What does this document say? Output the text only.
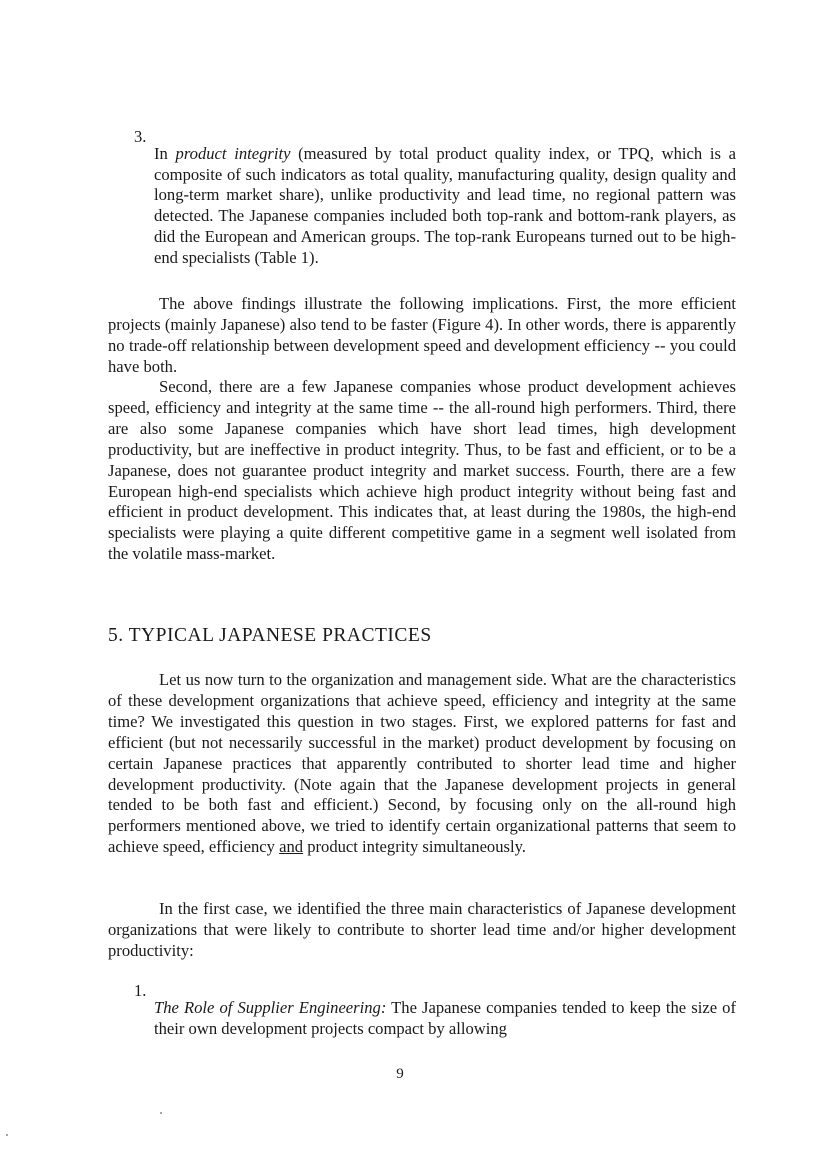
3.

In product integrity (measured by total product quality index, or TPQ, which is a composite of such indicators as total quality, manufacturing quality, design quality and long-term market share), unlike productivity and lead time, no regional pattern was detected. The Japanese companies included both top-rank and bottom-rank players, as did the European and American groups. The top-rank Europeans turned out to be high-end specialists (Table 1).

The above findings illustrate the following implications. First, the more efficient projects (mainly Japanese) also tend to be faster (Figure 4). In other words, there is apparently no trade-off relationship between development speed and development efficiency -- you could have both.

Second, there are a few Japanese companies whose product development achieves speed, efficiency and integrity at the same time -- the all-round high performers. Third, there are also some Japanese companies which have short lead times, high development productivity, but are ineffective in product integrity. Thus, to be fast and efficient, or to be a Japanese, does not guarantee product integrity and market success. Fourth, there are a few European high-end specialists which achieve high product integrity without being fast and efficient in product development. This indicates that, at least during the 1980s, the high-end specialists were playing a quite different competitive game in a segment well isolated from the volatile mass-market.

5. TYPICAL JAPANESE PRACTICES

Let us now turn to the organization and management side. What are the characteristics of these development organizations that achieve speed, efficiency and integrity at the same time? We investigated this question in two stages. First, we explored patterns for fast and efficient (but not necessarily successful in the market) product development by focusing on certain Japanese practices that apparently contributed to shorter lead time and higher development productivity. (Note again that the Japanese development projects in general tended to be both fast and efficient.) Second, by focusing only on the all-round high performers mentioned above, we tried to identify certain organizational patterns that seem to achieve speed, efficiency and product integrity simultaneously.

In the first case, we identified the three main characteristics of Japanese development organizations that were likely to contribute to shorter lead time and/or higher development productivity:

1.

The Role of Supplier Engineering: The Japanese companies tended to keep the size of their own development projects compact by allowing

9
